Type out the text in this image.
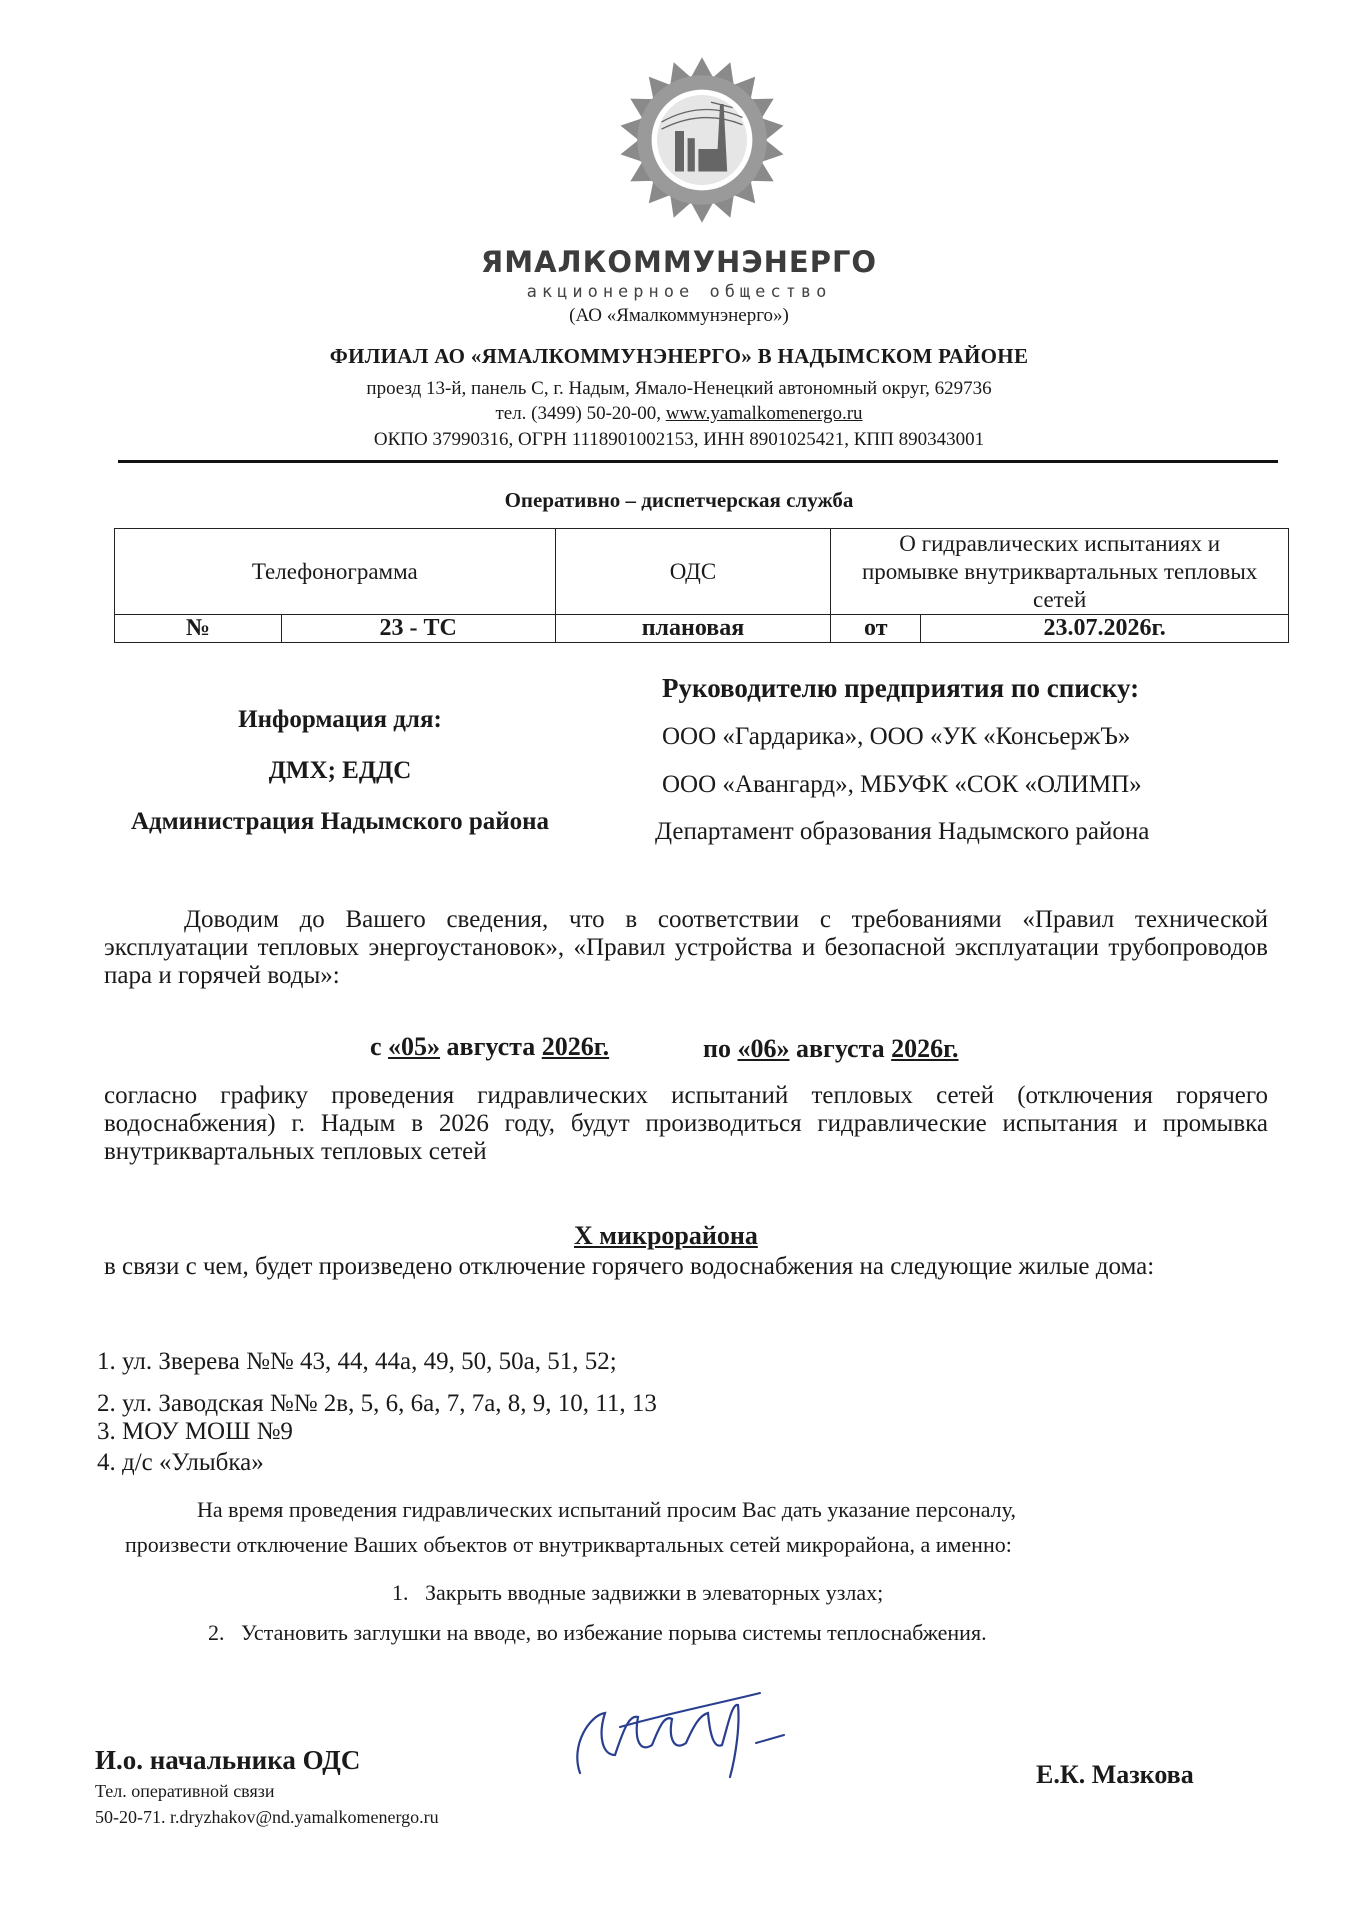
ЯМАЛКОММУНЭНЕРГО
акционерное общество
(АО «Ямалкоммунэнерго»)
ФИЛИАЛ АО «ЯМАЛКОММУНЭНЕРГО» В НАДЫМСКОМ РАЙОНЕ
проезд 13-й, панель С, г. Надым, Ямало-Ненецкий автономный округ, 629736
тел. (3499) 50-20-00, www.yamalkomenergo.ru
ОКПО 37990316, ОГРН 1118901002153, ИНН 8901025421, КПП 890343001
Оперативно – диспетчерская служба
Телефонограмма		ОДС	О гидравлических испытаниях и промывке внутриквартальных тепловых сетей	
№	23 - ТС	плановая	от	23.07.2026г.
Руководителю предприятия по списку:
ООО «Гардарика», ООО «УК «КонсьержЪ»
ООО «Авангард», МБУФК «СОК «ОЛИМП»
Департамент образования Надымского района
Информация для:
ДМХ; ЕДДС
Администрация Надымского района
Доводим до Вашего сведения, что в соответствии с требованиями «Правил технической эксплуатации тепловых энергоустановок», «Правил устройства и безопасной эксплуатации трубопроводов пара и горячей воды»:
с «05» августа 2026г.	по «06» августа 2026г.
согласно графику проведения гидравлических испытаний тепловых сетей (отключения горячего водоснабжения) г. Надым в 2026 году, будут производиться гидравлические испытания и промывка внутриквартальных тепловых сетей
X микрорайона
в связи с чем, будет произведено отключение горячего водоснабжения на следующие жилые дома:
1. ул. Зверева №№ 43, 44, 44а, 49, 50, 50а, 51, 52;
2. ул. Заводская №№ 2в, 5, 6, 6а, 7, 7а, 8, 9, 10, 11, 13
3. МОУ МОШ №9
4. д/с «Улыбка»
На время проведения гидравлических испытаний просим Вас дать указание персоналу,
произвести отключение Ваших объектов от внутриквартальных сетей микрорайона, а именно:
1.   Закрыть вводные задвижки в элеваторных узлах;
2.   Установить заглушки на вводе, во избежание порыва системы теплоснабжения.
И.о. начальника ОДС
Тел. оперативной связи
50-20-71. r.dryzhakov@nd.yamalkomenergo.ru
Е.К. Мазкова
